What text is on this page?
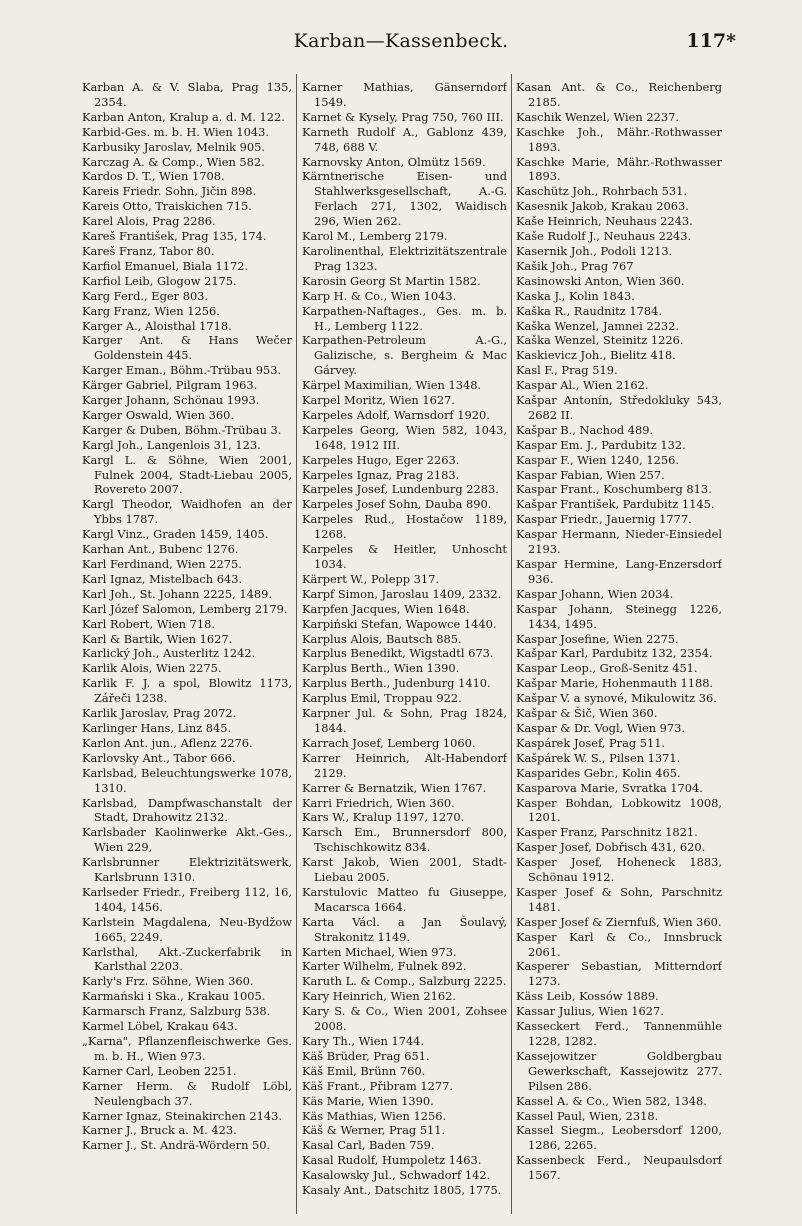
Karban—Kassenbeck.	117*
Karban A. & V. Slaba, Prag 135, 2354.
Karban Anton, Kralup a. d. M. 122.
Karbid-Ges. m. b. H. Wien 1043.
Karbusiky Jaroslav, Melnik 905.
Karczag A. & Comp., Wien 582.
Kardos D. T., Wien 1708.
Kareis Friedr. Sohn, Jičin 898.
Kareis Otto, Traiskichen 715.
Karel Alois, Prag 2286.
Kareš František, Prag 135, 174.
Kareš Franz, Tabor 80.
Karfiol Emanuel, Biala 1172.
Karfiol Leib, Glogow 2175.
Karg Ferd., Eger 803.
Karg Franz, Wien 1256.
Karger A., Aloisthal 1718.
Karger Ant. & Hans Wečer Goldenstein 445.
Karger Eman., Böhm.-Trübau 953.
Kärger Gabriel, Pilgram 1963.
Karger Johann, Schönau 1993.
Karger Oswald, Wien 360.
Karger & Duben, Böhm.-Trübau 3.
Kargl Joh., Langenlois 31, 123.
Kargl L. & Söhne, Wien 2001, Fulnek 2004, Stadt-Liebau 2005, Rovereto 2007.
Kargl Theodor, Waidhofen an der Ybbs 1787.
Kargl Vinz., Graden 1459, 1405.
Karhan Ant., Bubenc 1276.
Karl Ferdinand, Wien 2275.
Karl Ignaz, Mistelbach 643.
Karl Joh., St. Johann 2225, 1489.
Karl Józef Salomon, Lemberg 2179.
Karl Robert, Wien 718.
Karl & Bartik, Wien 1627.
Karlický Joh., Austerlitz 1242.
Karlik Alois, Wien 2275.
Karlik F. J. a spol, Blowitz 1173, Zářeči 1238.
Karlik Jaroslav, Prag 2072.
Karlinger Hans, Linz 845.
Karlon Ant. jun., Aflenz 2276.
Karlovsky Ant., Tabor 666.
Karlsbad, Beleuchtungswerke 1078, 1310.
Karlsbad, Dampfwaschanstalt der Stadt, Drahowitz 2132.
Karlsbader Kaolinwerke Akt.-Ges., Wien 229,
Karlsbrunner Elektrizitätswerk, Karlsbrunn 1310.
Karlseder Friedr., Freiberg 112, 16, 1404, 1456.
Karlstein Magdalena, Neu-Bydžow 1665, 2249.
Karlsthal, Akt.-Zuckerfabrik in Karlsthal 2203.
Karly's Frz. Söhne, Wien 360.
Karmański i Ska., Krakau 1005.
Karmarsch Franz, Salzburg 538.
Karmel Löbel, Krakau 643.
„Karna", Pflanzenfleischwerke Ges. m. b. H., Wien 973.
Karner Carl, Leoben 2251.
Karner Herm. & Rudolf Löbl, Neulengbach 37.
Karner Ignaz, Steinakirchen 2143.
Karner J., Bruck a. M. 423.
Karner J., St. Andrä-Wördern 50.
Karner Mathias, Gänserndorf 1549.
Karnet & Kysely, Prag 750, 760 III.
Karneth Rudolf A., Gablonz 439, 748, 688 V.
Karnovsky Anton, Olmütz 1569.
Kärntnerische Eisen- und Stahlwerksgesellschaft, A.-G. Ferlach 271, 1302, Waidisch 296, Wien 262.
Karol M., Lemberg 2179.
Karolinenthal, Elektrizitätszentrale Prag 1323.
Karosin Georg St Martin 1582.
Karp H. & Co., Wien 1043.
Karpathen-Naftages., Ges. m. b. H., Lemberg 1122.
Karpathen-Petroleum A.-G., Galizische, s. Bergheim & Mac Gárvey.
Kärpel Maximilian, Wien 1348.
Karpel Moritz, Wien 1627.
Karpeles Adolf, Warnsdorf 1920.
Karpeles Georg, Wien 582, 1043, 1648, 1912 III.
Karpeles Hugo, Eger 2263.
Karpeles Ignaz, Prag 2183.
Karpeles Josef, Lundenburg 2283.
Karpeles Josef Sohn, Dauba 890.
Karpeles Rud., Hostačow 1189, 1268.
Karpeles & Heitler, Unhoscht 1034.
Kärpert W., Polepp 317.
Karpf Simon, Jaroslau 1409, 2332.
Karpfen Jacques, Wien 1648.
Karpiński Stefan, Wapowce 1440.
Karplus Alois, Bautsch 885.
Karplus Benedikt, Wigstadtl 673.
Karplus Berth., Wien 1390.
Karplus Berth., Judenburg 1410.
Karplus Emil, Troppau 922.
Karpner Jul. & Sohn, Prag 1824, 1844.
Karrach Josef, Lemberg 1060.
Karrer Heinrich, Alt-Habendorf 2129.
Karrer & Bernatzik, Wien 1767.
Karri Friedrich, Wien 360.
Kars W., Kralup 1197, 1270.
Karsch Em., Brunnersdorf 800, Tschischkowitz 834.
Karst Jakob, Wien 2001, Stadt-Liebau 2005.
Karstulovic Matteo fu Giuseppe, Macarsca 1664.
Karta Václ. a Jan Šoulavý, Strakonitz 1149.
Karten Michael, Wien 973.
Karter Wilhelm, Fulnek 892.
Karuth L. & Comp., Salzburg 2225.
Kary Heinrich, Wien 2162.
Kary S. & Co., Wien 2001, Zohsee 2008.
Kary Th., Wien 1744.
Käš Brüder, Prag 651.
Käš Emil, Brünn 760.
Käš Frant., Přibram 1277.
Käs Marie, Wien 1390.
Käs Mathias, Wien 1256.
Käš & Werner, Prag 511.
Kasal Carl, Baden 759.
Kasal Rudolf, Humpoletz 1463.
Kasalowsky Jul., Schwadorf 142.
Kasaly Ant., Datschitz 1805, 1775.
Kasan Ant. & Co., Reichenberg 2185.
Kaschik Wenzel, Wien 2237.
Kaschke Joh., Mähr.-Rothwasser 1893.
Kaschke Marie, Mähr.-Rothwasser 1893.
Kaschütz Joh., Rohrbach 531.
Kasesnik Jakob, Krakau 2063.
Kaše Heinrich, Neuhaus 2243.
Kaše Rudolf J., Neuhaus 2243.
Kasernik Joh., Podoli 1213.
Kašik Joh., Prag 767
Kasinowski Anton, Wien 360.
Kaska J., Kolin 1843.
Kaška R., Raudnitz 1784.
Kaška Wenzel, Jamnei 2232.
Kaška Wenzel, Steinitz 1226.
Kaskievicz Joh., Bielitz 418.
Kasl F., Prag 519.
Kaspar Al., Wien 2162.
Kašpar Antonín, Středokluky 543, 2682 II.
Kašpar B., Nachod 489.
Kaspar Em. J., Pardubitz 132.
Kaspar F., Wien 1240, 1256.
Kaspar Fabian, Wien 257.
Kaspar Frant., Koschumberg 813.
Kašpar František, Pardubitz 1145.
Kaspar Friedr., Jauernig 1777.
Kaspar Hermann, Nieder-Einsiedel 2193.
Kaspar Hermine, Lang-Enzersdorf 936.
Kaspar Johann, Wien 2034.
Kaspar Johann, Steinegg 1226, 1434, 1495.
Kaspar Josefine, Wien 2275.
Kašpar Karl, Pardubitz 132, 2354.
Kaspar Leop., Groß-Senitz 451.
Kašpar Marie, Hohenmauth 1188.
Kašpar V. a synové, Mikulowitz 36.
Kašpar & Šič, Wien 360.
Kaspar & Dr. Vogl, Wien 973.
Kaspárek Josef, Prag 511.
Kašpárek W. S., Pilsen 1371.
Kasparides Gebr., Kolin 465.
Kasparova Marie, Svratka 1704.
Kasper Bohdan, Lobkowitz 1008, 1201.
Kasper Franz, Parschnitz 1821.
Kasper Josef, Dobřisch 431, 620.
Kasper Josef, Hoheneck 1883, Schönau 1912.
Kasper Josef & Sohn, Parschnitz 1481.
Kasper Josef & Ziernfuß, Wien 360.
Kasper Karl & Co., Innsbruck 2061.
Kasperer Sebastian, Mitterndorf 1273.
Käss Leib, Kossów 1889.
Kassar Julius, Wien 1627.
Kasseckert Ferd., Tannenmühle 1228, 1282.
Kassejowitzer Goldbergbau Gewerkschaft, Kassejowitz 277. Pilsen 286.
Kassel A. & Co., Wien 582, 1348.
Kassel Paul, Wien, 2318.
Kassel Siegm., Leobersdorf 1200, 1286, 2265.
Kassenbeck Ferd., Neupaulsdorf 1567.
